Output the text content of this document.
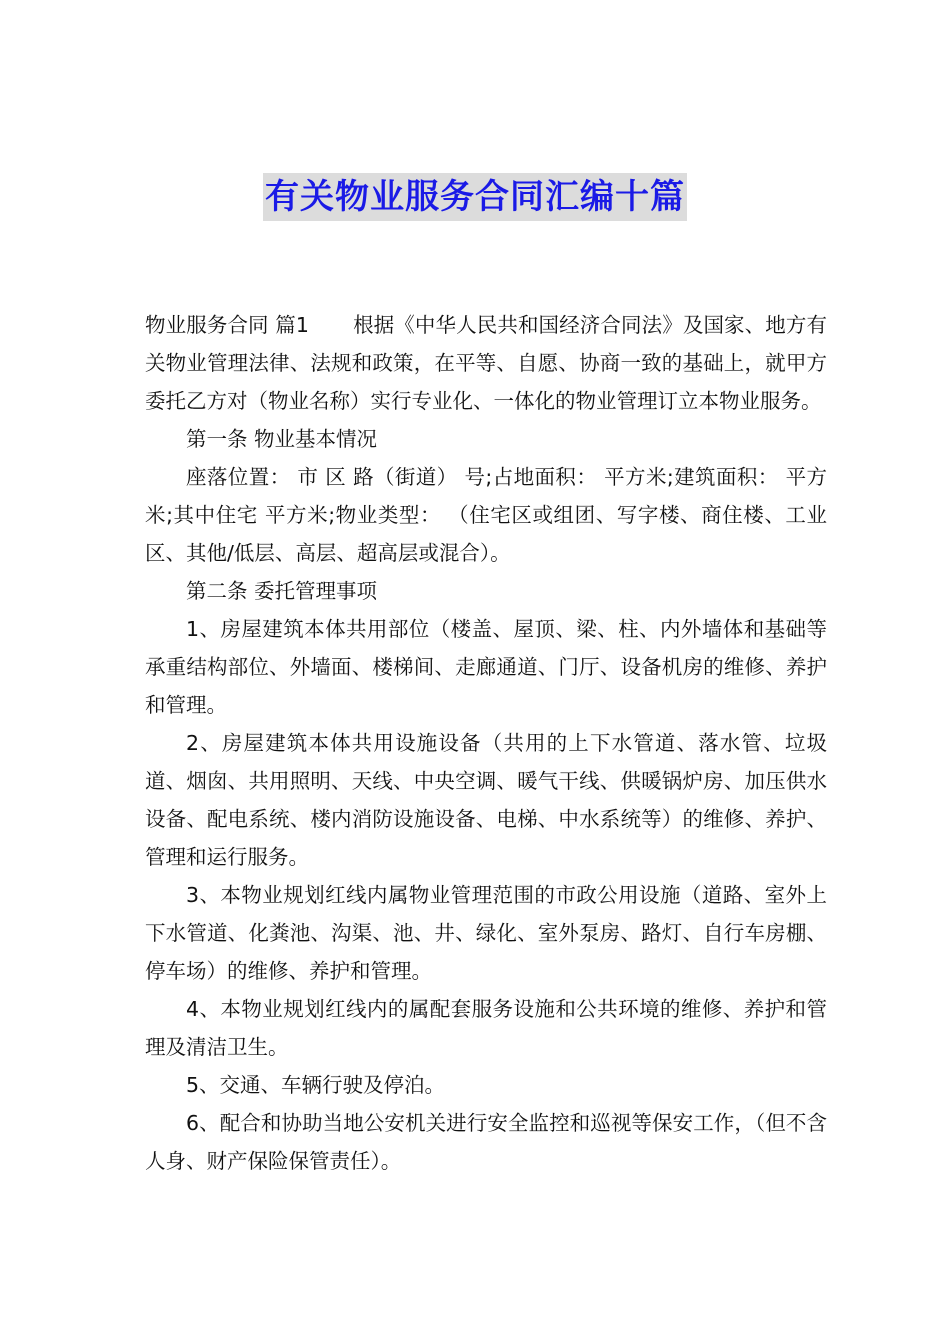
有关物业服务合同汇编十篇

物业服务合同 篇1 根据《中华人民共和国经济合同法》及国家、地方有关物业管理法律、法规和政策，在平等、自愿、协商一致的基础上，就甲方委托乙方对（物业名称）实行专业化、一体化的物业管理订立本物业服务。

第一条 物业基本情况

座落位置： 市 区 路（街道） 号;占地面积： 平方米;建筑面积： 平方米;其中住宅 平方米;物业类型： （住宅区或组团、写字楼、商住楼、工业区、其他/低层、高层、超高层或混合）。

第二条 委托管理事项

1、房屋建筑本体共用部位（楼盖、屋顶、梁、柱、内外墙体和基础等承重结构部位、外墙面、楼梯间、走廊通道、门厅、设备机房的维修、养护和管理。

2、房屋建筑本体共用设施设备（共用的上下水管道、落水管、垃圾道、烟囱、共用照明、天线、中央空调、暖气干线、供暖锅炉房、加压供水设备、配电系统、楼内消防设施设备、电梯、中水系统等）的维修、养护、管理和运行服务。

3、本物业规划红线内属物业管理范围的市政公用设施（道路、室外上下水管道、化粪池、沟渠、池、井、绿化、室外泵房、路灯、自行车房棚、停车场）的维修、养护和管理。

4、本物业规划红线内的属配套服务设施和公共环境的维修、养护和管理及清洁卫生。

5、交通、车辆行驶及停泊。

6、配合和协助当地公安机关进行安全监控和巡视等保安工作，（但不含人身、财产保险保管责任）。
